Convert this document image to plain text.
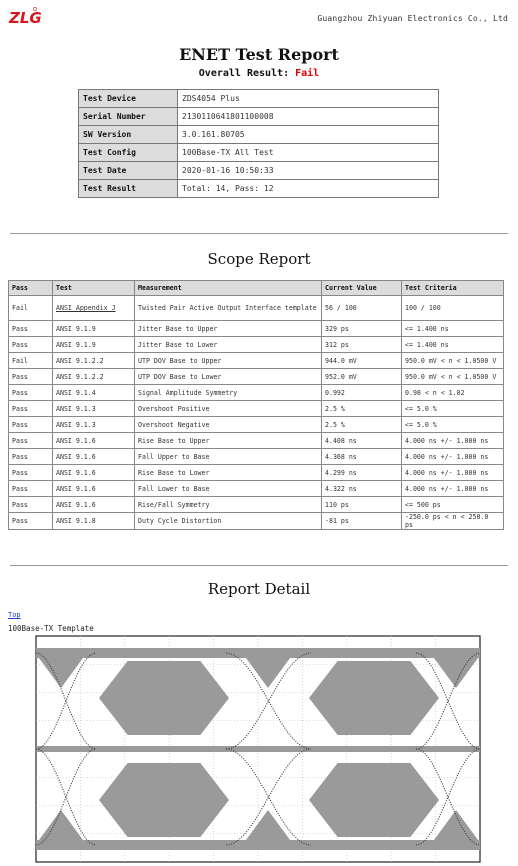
ZLG	Guangzhou Zhiyuan Electronics Co., Ltd
ENET Test Report
Overall Result: Fail
Test Device	ZDS4054 Plus
Serial Number	2130110641801100008
SW Version	3.0.161.80705
Test Config	100Base-TX All Test
Test Date	2020-01-16 10:50:33
Test Result	Total: 14, Pass: 12
Scope Report
Pass	Test	Measurement	Current Value	Test Criteria
Fail	ANSI Appendix J	Twisted Pair Active Output Interface template	56 / 100	100 / 100
Pass	ANSI 9.1.9	Jitter Base to Upper	329 ps	<= 1.400 ns
Pass	ANSI 9.1.9	Jitter Base to Lower	312 ps	<= 1.400 ns
Fail	ANSI 9.1.2.2	UTP DOV Base to Upper	944.0 mV	950.0 mV < n < 1.0500 V
Pass	ANSI 9.1.2.2	UTP DOV Base to Lower	952.0 mV	950.0 mV < n < 1.0500 V
Pass	ANSI 9.1.4	Signal Amplitude Symmetry	0.992	0.98 < n < 1.02
Pass	ANSI 9.1.3	Overshoot Positive	2.5 %	<= 5.0 %
Pass	ANSI 9.1.3	Overshoot Negative	2.5 %	<= 5.0 %
Pass	ANSI 9.1.6	Rise Base to Upper	4.408 ns	4.000 ns +/- 1.000 ns
Pass	ANSI 9.1.6	Fall Upper to Base	4.368 ns	4.000 ns +/- 1.000 ns
Pass	ANSI 9.1.6	Rise Base to Lower	4.299 ns	4.000 ns +/- 1.000 ns
Pass	ANSI 9.1.6	Fall Lower to Base	4.322 ns	4.000 ns +/- 1.000 ns
Pass	ANSI 9.1.6	Rise/Fall Symmetry	110 ps	<= 500 ps
Pass	ANSI 9.1.8	Duty Cycle Distortion	-81 ps	-250.0 ps < n < 250.0 ps
Report Detail
Top
100Base-TX Template
